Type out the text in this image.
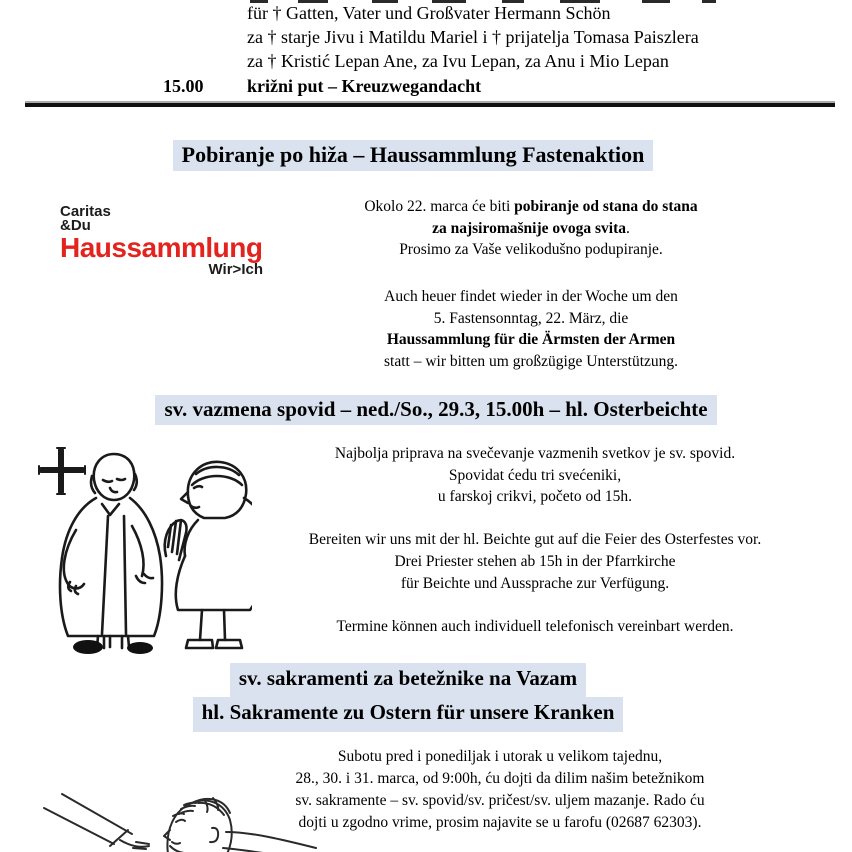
für † Gatten, Vater und Großvater Hermann Schön
za † starje Jivu i Matildu Mariel i † prijatelja Tomasa Paiszlera
za † Kristić Lepan Ane, za Ivu Lepan, za Anu i Mio Lepan
15.00 križni put – Kreuzwegandacht
Pobiranje po hiža – Haussammlung Fastenaktion
Caritas
&Du
Haussammlung
Wir>Ich
Okolo 22. marca će biti pobiranje od stana do stana
za najsiromašnije ovoga svita.
Prosimo za Vaše velikodušno podupiranje.
Auch heuer findet wieder in der Woche um den
5. Fastensonntag, 22. März, die
Haussammlung für die Ärmsten der Armen
statt – wir bitten um großzügige Unterstützung.
sv. vazmena spovid – ned./So., 29.3, 15.00h – hl. Osterbeichte
Najbolja priprava na svečevanje vazmenih svetkov je sv. spovid.
Spovidat ćedu tri svećeniki,
u farskoj crikvi, početo od 15h.
Bereiten wir uns mit der hl. Beichte gut auf die Feier des Osterfestes vor.
Drei Priester stehen ab 15h in der Pfarrkirche
für Beichte und Aussprache zur Verfügung.
Termine können auch individuell telefonisch vereinbart werden.
sv. sakramenti za betežnike na Vazam
hl. Sakramente zu Ostern für unsere Kranken
Subotu pred i ponediljak i utorak u velikom tajednu,
28., 30. i 31. marca, od 9:00h, ću dojti da dilim našim betežnikom
sv. sakramente – sv. spovid/sv. pričest/sv. uljem mazanje. Rado ću
dojti u zgodno vrime, prosim najavite se u farofu (02687 62303).
